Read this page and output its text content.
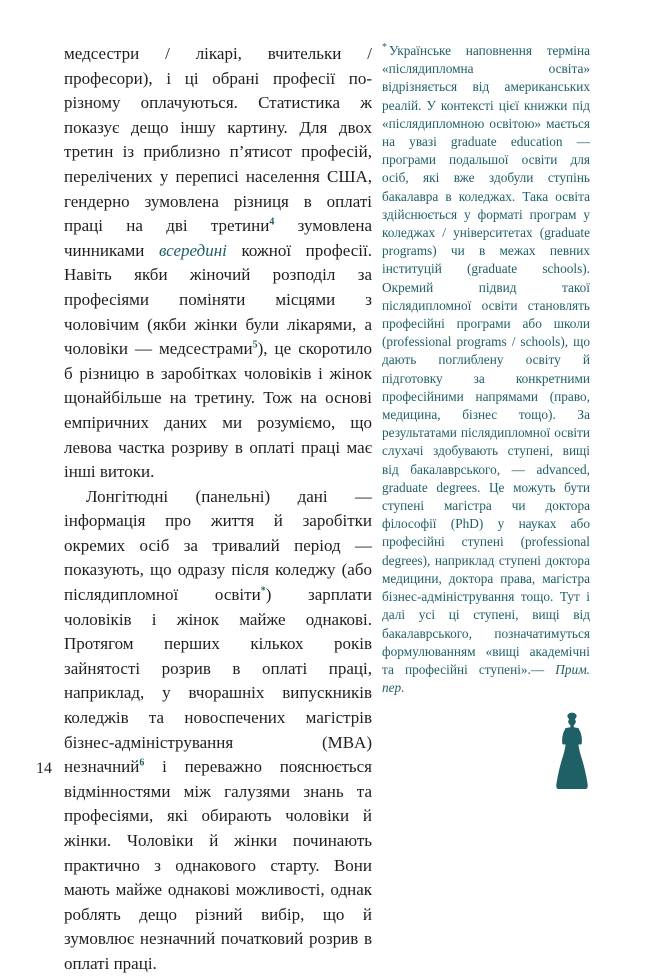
медсестри / лікарі, вчительки / професори), і ці обрані професії по-різному оплачуються. Статистика ж показує дещо іншу картину. Для двох третин із приблизно п’ятисот професій, перелічених у переписі населення США, гендерно зумовлена різниця в оплаті праці на дві третини$^4$ зумовлена чинниками всередині кожної професії. Навіть якби жіночий розподіл за професіями поміняти місцями з чоловічим (якби жінки були лікарями, а чоловіки — медсестрами$^5$), це скоротило б різницю в заробітках чоловіків і жінок щонайбільше на третину. Тож на основі емпіричних даних ми розуміємо, що левова частка розриву в оплаті праці має інші витоки.

Лонгітюдні (панельні) дані — інформація про життя й заробітки окремих осіб за тривалий період — показують, що одразу після коледжу (або післядипломної освіти*) зарплати чоловіків і жінок майже однакові. Протягом перших кількох років зайнятості розрив в оплаті праці, наприклад, у вчорашніх випускників коледжів та новоспечених магістрів бізнес-адміністрування (MBA) незначний$^6$ і переважно пояснюється відмінностями між галузями знань та професіями, які обирають чоловіки й жінки. Чоловіки й жінки починають практично з однакового старту. Вони мають майже однакові можливості, однак роблять дещо різний вибір, що й зумовлює незначний початковий розрив в оплаті праці.

* Українське наповнення терміна «післядипломна освіта» відрізняється від американських реалій. У контексті цієї книжки під «післядипломною освітою» мається на увазі graduate education — програми подальшої освіти для осіб, які вже здобули ступінь бакалавра в коледжах. Така освіта здійснюється у форматі програм у коледжах / університетах (graduate programs) чи в межах певних інституцій (graduate schools). Окремий підвид такої післядипломної освіти становлять професійні програми або школи (professional programs / schools), що дають поглиблену освіту й підготовку за конкретними професійними напрямами (право, медицина, бізнес тощо). За результатами післядипломної освіти слухачі здобувають ступені, вищі від бакалаврського, — advanced, graduate degrees. Це можуть бути ступені магістра чи доктора філософії (PhD) у науках або професійні ступені (professional degrees), наприклад ступені доктора медицини, доктора права, магістра бізнес-адміністрування тощо. Тут і далі усі ці ступені, вищі від бакалаврського, позначатимуться формулюванням «вищі академічні та професійні ступені».— Прим. пер.

14
